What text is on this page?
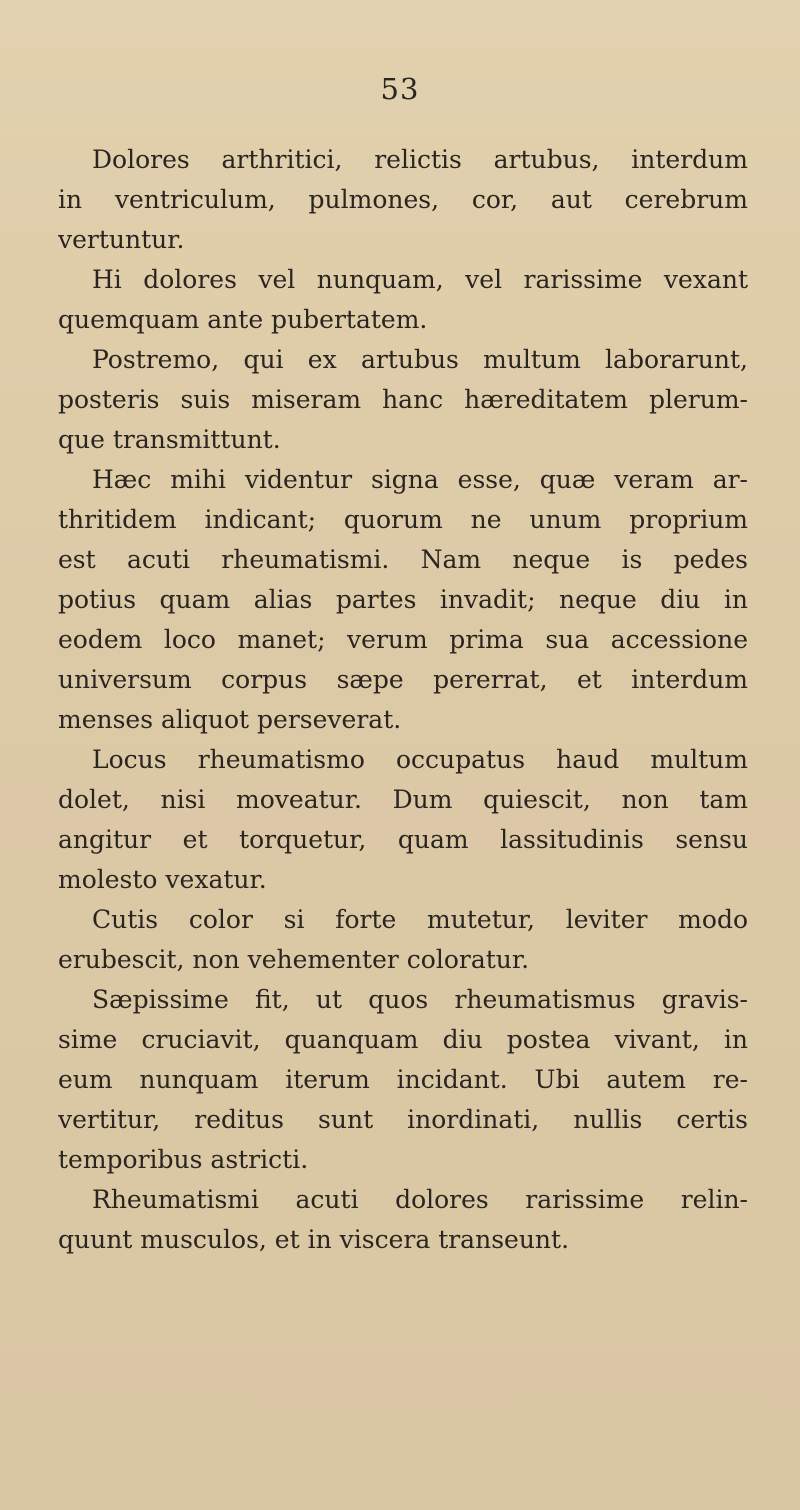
53
Dolores arthritici, relictis artubus, interdum
in ventriculum, pulmones, cor, aut cerebrum
vertuntur.
Hi dolores vel nunquam, vel rarissime vexant
quemquam ante pubertatem.
Postremo, qui ex artubus multum laborarunt,
posteris suis miseram hanc hæreditatem plerum-
que transmittunt.
Hæc mihi videntur signa esse, quæ veram ar-
thritidem indicant; quorum ne unum proprium
est acuti rheumatismi. Nam neque is pedes
potius quam alias partes invadit; neque diu in
eodem loco manet; verum prima sua accessione
universum corpus sæpe pererrat, et interdum
menses aliquot perseverat.
Locus rheumatismo occupatus haud multum
dolet, nisi moveatur. Dum quiescit, non tam
angitur et torquetur, quam lassitudinis sensu
molesto vexatur.
Cutis color si forte mutetur, leviter modo
erubescit, non vehementer coloratur.
Sæpissime fit, ut quos rheumatismus gravis-
sime cruciavit, quanquam diu postea vivant, in
eum nunquam iterum incidant. Ubi autem re-
vertitur, reditus sunt inordinati, nullis certis
temporibus astricti.
Rheumatismi acuti dolores rarissime relin-
quunt musculos, et in viscera transeunt.
